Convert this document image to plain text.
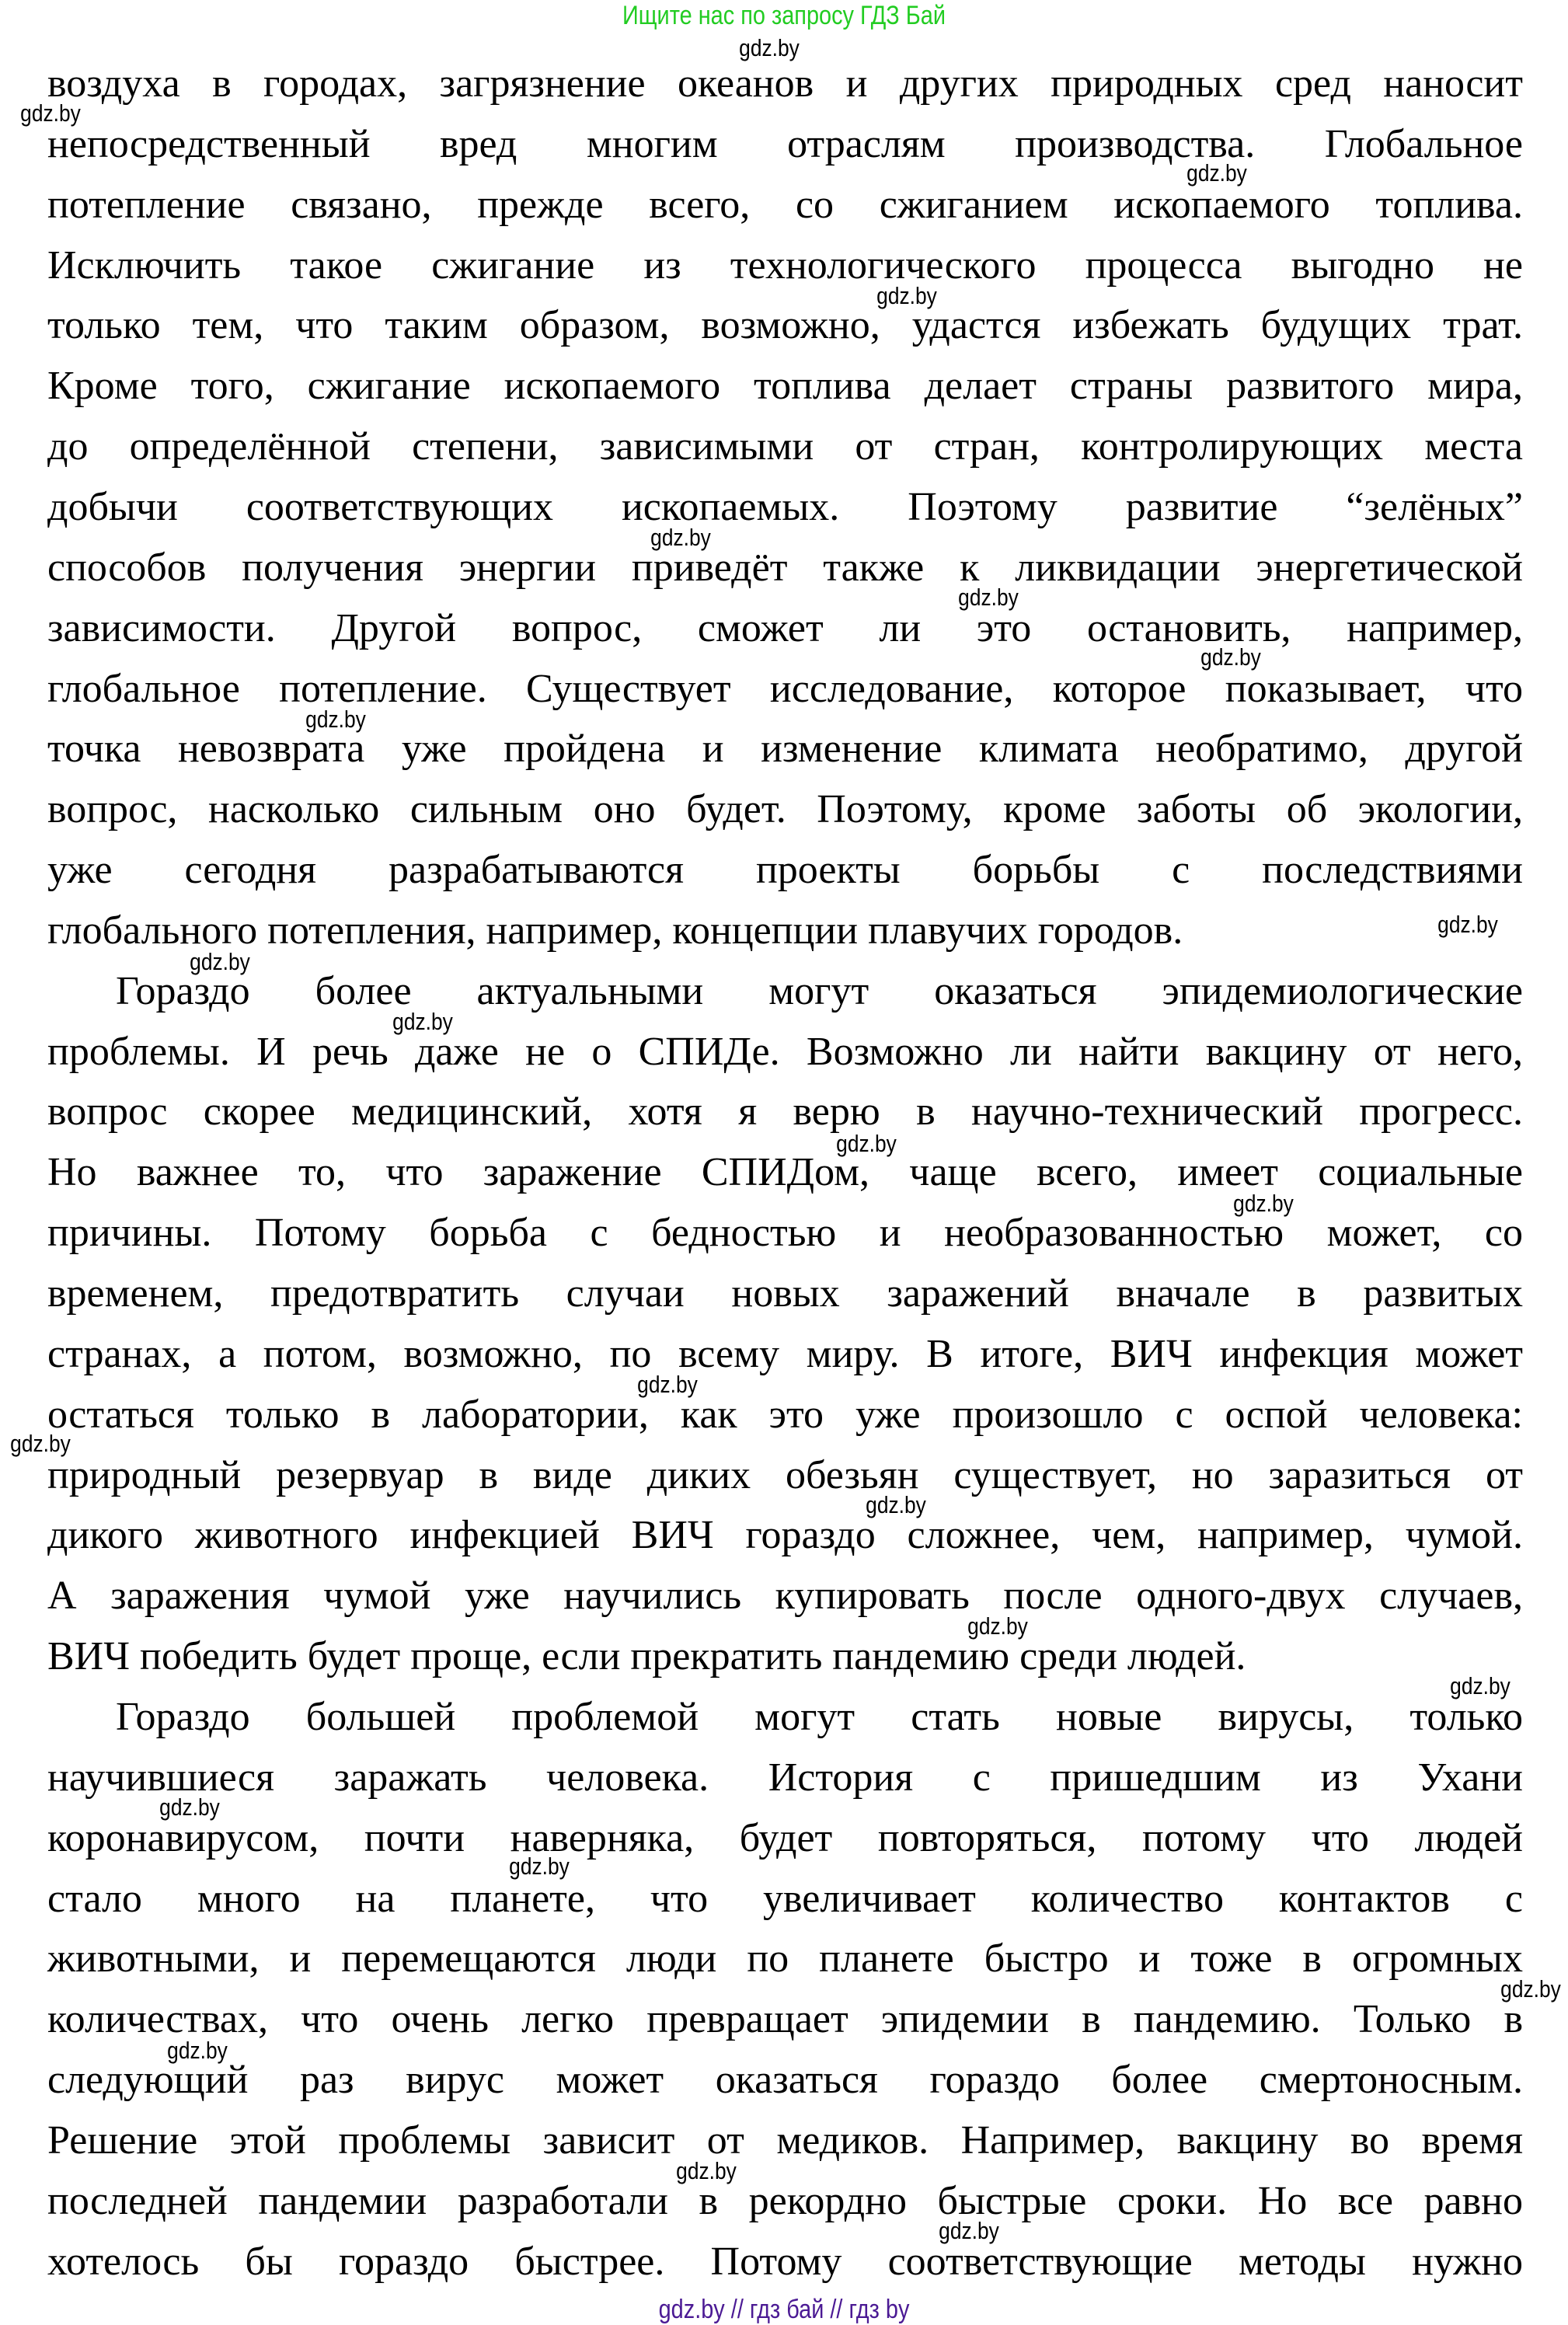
Ищите нас по запросу ГДЗ Бай
воздуха в городах, загрязнение океанов и других природных сред наносит
непосредственный вред многим отраслям производства. Глобальное
потепление связано, прежде всего, со сжиганием ископаемого топлива.
Исключить такое сжигание из технологического процесса выгодно не
только тем, что таким образом, возможно, удастся избежать будущих трат.
Кроме того, сжигание ископаемого топлива делает страны развитого мира,
до определённой степени, зависимыми от стран, контролирующих места
добычи соответствующих ископаемых. Поэтому развитие “зелёных”
способов получения энергии приведёт также к ликвидации энергетической
зависимости. Другой вопрос, сможет ли это остановить, например,
глобальное потепление. Существует исследование, которое показывает, что
точка невозврата уже пройдена и изменение климата необратимо, другой
вопрос, насколько сильным оно будет. Поэтому, кроме заботы об экологии,
уже сегодня разрабатываются проекты борьбы с последствиями
глобального потепления, например, концепции плавучих городов.
Гораздо более актуальными могут оказаться эпидемиологические
проблемы. И речь даже не о СПИДе. Возможно ли найти вакцину от него,
вопрос скорее медицинский, хотя я верю в научно-технический прогресс.
Но важнее то, что заражение СПИДом, чаще всего, имеет социальные
причины. Потому борьба с бедностью и необразованностью может, со
временем, предотвратить случаи новых заражений вначале в развитых
странах, а потом, возможно, по всему миру. В итоге, ВИЧ инфекция может
остаться только в лаборатории, как это уже произошло с оспой человека:
природный резервуар в виде диких обезьян существует, но заразиться от
дикого животного инфекцией ВИЧ гораздо сложнее, чем, например, чумой.
А заражения чумой уже научились купировать после одного-двух случаев,
ВИЧ победить будет проще, если прекратить пандемию среди людей.
Гораздо большей проблемой могут стать новые вирусы, только
научившиеся заражать человека. История с пришедшим из Ухани
коронавирусом, почти наверняка, будет повторяться, потому что людей
стало много на планете, что увеличивает количество контактов с
животными, и перемещаются люди по планете быстро и тоже в огромных
количествах, что очень легко превращает эпидемии в пандемию. Только в
следующий раз вирус может оказаться гораздо более смертоносным.
Решение этой проблемы зависит от медиков. Например, вакцину во время
последней пандемии разработали в рекордно быстрые сроки. Но все равно
хотелось бы гораздо быстрее. Потому соответствующие методы нужно
gdz.by
gdz.by
gdz.by
gdz.by
gdz.by
gdz.by
gdz.by
gdz.by
gdz.by
gdz.by
gdz.by
gdz.by
gdz.by
gdz.by
gdz.by
gdz.by
gdz.by
gdz.by
gdz.by
gdz.by
gdz.by
gdz.by
gdz.by
gdz.by
gdz.by // гдз бай // гдз by
